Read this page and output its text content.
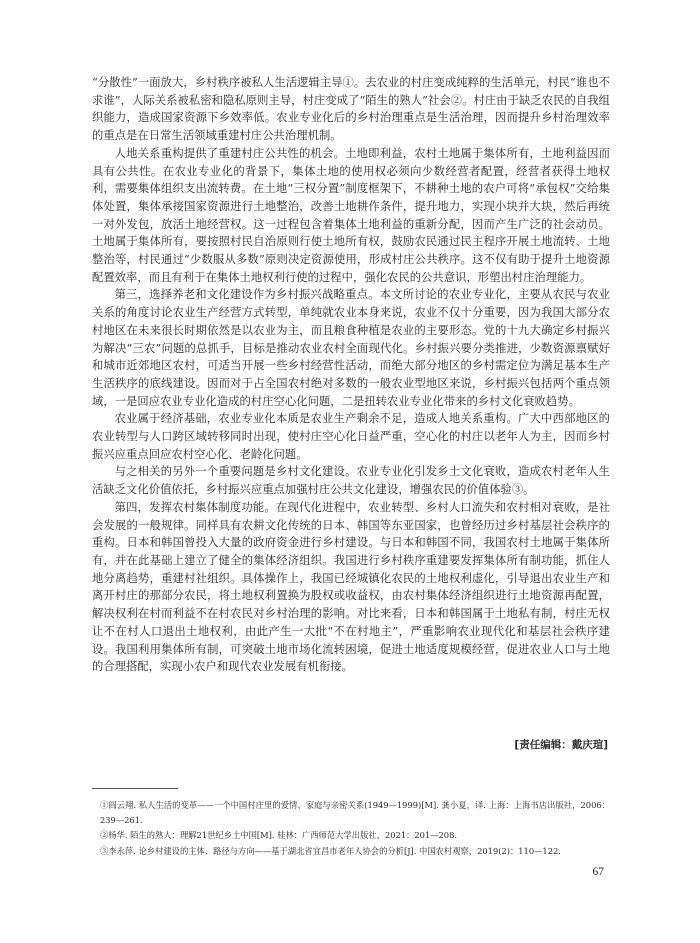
“分散性”一面放大，乡村秩序被私人生活逻辑主导①。去农业的村庄变成纯粹的生活单元，村民“谁也不求谁”，人际关系被私密和隐私原则主导，村庄变成了“陌生的熟人”社会②。村庄由于缺乏农民的自我组织能力，造成国家资源下乡效率低。农业专业化后的乡村治理重点是生活治理，因而提升乡村治理效率的重点是在日常生活领域重建村庄公共治理机制。

人地关系重构提供了重建村庄公共性的机会。土地即利益，农村土地属于集体所有，土地利益因而具有公共性。在农业专业化的背景下，集体土地的使用权必须向少数经营者配置，经营者获得土地权利，需要集体组织支出流转费。在土地“三权分置”制度框架下，不耕种土地的农户可将“承包权”交给集体处置，集体承接国家资源进行土地整治，改善土地耕作条件，提升地力，实现小块并大块，然后再统一对外发包，放活土地经营权。这一过程包含着集体土地利益的重新分配，因而产生广泛的社会动员。土地属于集体所有，要按照村民自治原则行使土地所有权，鼓励农民通过民主程序开展土地流转、土地整治等，村民通过“少数服从多数”原则决定资源使用，形成村庄公共秩序。这不仅有助于提升土地资源配置效率，而且有利于在集体土地权利行使的过程中，强化农民的公共意识，形塑出村庄治理能力。

第三，选择养老和文化建设作为乡村振兴战略重点。本文所讨论的农业专业化，主要从农民与农业关系的角度讨论农业生产经营方式转型，单纯就农业本身来说，农业不仅十分重要，因为我国大部分农村地区在未来很长时期依然是以农业为主，而且粮食种植是农业的主要形态。党的十九大确定乡村振兴为解决“三农”问题的总抓手，目标是推动农业农村全面现代化。乡村振兴要分类推进，少数资源禀赋好和城市近郊地区农村，可适当开展一些乡村经营性活动，而绝大部分地区的乡村需定位为满足基本生产生活秩序的底线建设。因而对于占全国农村绝对多数的一般农业型地区来说，乡村振兴包括两个重点领域，一是回应农业专业化造成的村庄空心化问题，二是扭转农业专业化带来的乡村文化衰败趋势。

农业属于经济基础，农业专业化本质是农业生产剩余不足，造成人地关系重构。广大中西部地区的农业转型与人口跨区域转移同时出现，使村庄空心化日益严重，空心化的村庄以老年人为主，因而乡村振兴应重点回应农村空心化、老龄化问题。

与之相关的另外一个重要问题是乡村文化建设。农业专业化引发乡土文化衰败，造成农村老年人生活缺乏文化价值依托，乡村振兴应重点加强村庄公共文化建设，增强农民的价值体验③。

第四，发挥农村集体制度功能。在现代化进程中，农业转型、乡村人口流失和农村相对衰败，是社会发展的一般规律。同样具有农耕文化传统的日本、韩国等东亚国家，也曾经历过乡村基层社会秩序的重构。日本和韩国曾投入大量的政府资金进行乡村建设。与日本和韩国不同，我国农村土地属于集体所有，并在此基础上建立了健全的集体经济组织。我国进行乡村秩序重建要发挥集体所有制功能，抓住人地分离趋势，重建村社组织。具体操作上，我国已经城镇化农民的土地权利虚化，引导退出农业生产和离开村庄的那部分农民，将土地权利置换为股权或收益权，由农村集体经济组织进行土地资源再配置，解决权利在村而利益不在村农民对乡村治理的影响。对比来看，日本和韩国属于土地私有制，村庄无权让不在村人口退出土地权利，由此产生一大批“不在村地主”，严重影响农业现代化和基层社会秩序建设。我国利用集体所有制，可突破土地市场化流转困境，促进土地适度规模经营，促进农业人口与土地的合理搭配，实现小农户和现代农业发展有机衔接。

[责任编辑：戴庆瑄]

①阎云翔. 私人生活的变革——一个中国村庄里的爱情、家庭与亲密关系(1949—1999)[M]. 龚小夏，译. 上海：上海书店出版社，2006：239—261.

②杨华. 陌生的熟人：理解21世纪乡土中国[M]. 桂林：广西师范大学出版社，2021：201—208.

③李永萍. 论乡村建设的主体、路径与方向——基于湖北省宜昌市老年人协会的分析[J]. 中国农村观察，2019(2)：110—122.

67
